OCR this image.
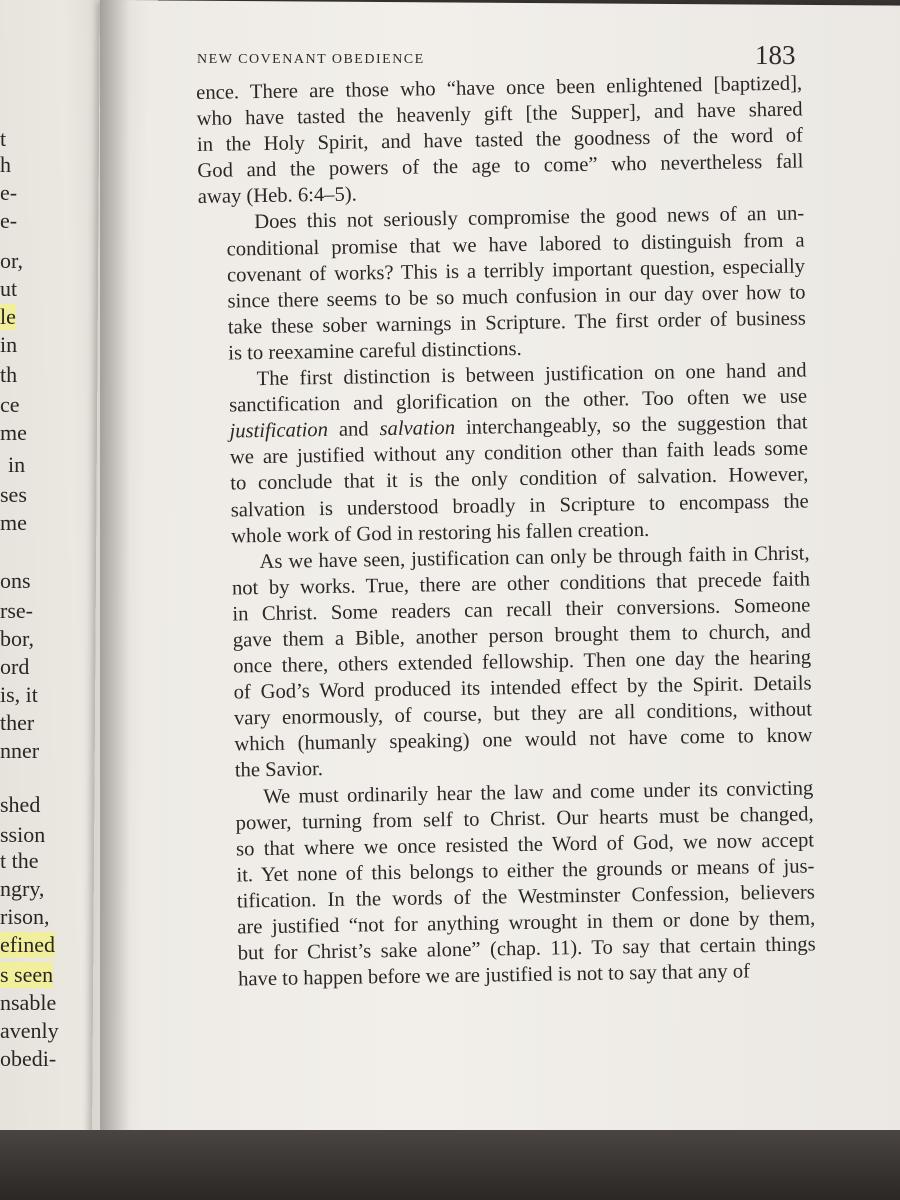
t
h
e-
e-
or,
ut
le
in
th
ce
me
in
ses
me
ons
rse-
bor,
ord
is, it
ther
nner
shed
ssion
t the
ngry,
rison,
efined
s seen
nsable
avenly
obedi-
NEW COVENANT OBEDIENCE	183
ence. There are those who “have once been enlightened [baptized],
who have tasted the heavenly gift [the Supper], and have shared
in the Holy Spirit, and have tasted the goodness of the word of
God and the powers of the age to come” who nevertheless fall
away (Heb. 6:4–5).
Does this not seriously compromise the good news of an un-
conditional promise that we have labored to distinguish from a
covenant of works? This is a terribly important question, especially
since there seems to be so much confusion in our day over how to
take these sober warnings in Scripture. The first order of business
is to reexamine careful distinctions.
The first distinction is between justification on one hand and
sanctification and glorification on the other. Too often we use
justification and salvation interchangeably, so the suggestion that
we are justified without any condition other than faith leads some
to conclude that it is the only condition of salvation. However,
salvation is understood broadly in Scripture to encompass the
whole work of God in restoring his fallen creation.
As we have seen, justification can only be through faith in Christ,
not by works. True, there are other conditions that precede faith
in Christ. Some readers can recall their conversions. Someone
gave them a Bible, another person brought them to church, and
once there, others extended fellowship. Then one day the hearing
of God’s Word produced its intended effect by the Spirit. Details
vary enormously, of course, but they are all conditions, without
which (humanly speaking) one would not have come to know
the Savior.
We must ordinarily hear the law and come under its convicting
power, turning from self to Christ. Our hearts must be changed,
so that where we once resisted the Word of God, we now accept
it. Yet none of this belongs to either the grounds or means of jus-
tification. In the words of the Westminster Confession, believers
are justified “not for anything wrought in them or done by them,
but for Christ’s sake alone” (chap. 11). To say that certain things
have to happen before we are justified is not to say that any of
